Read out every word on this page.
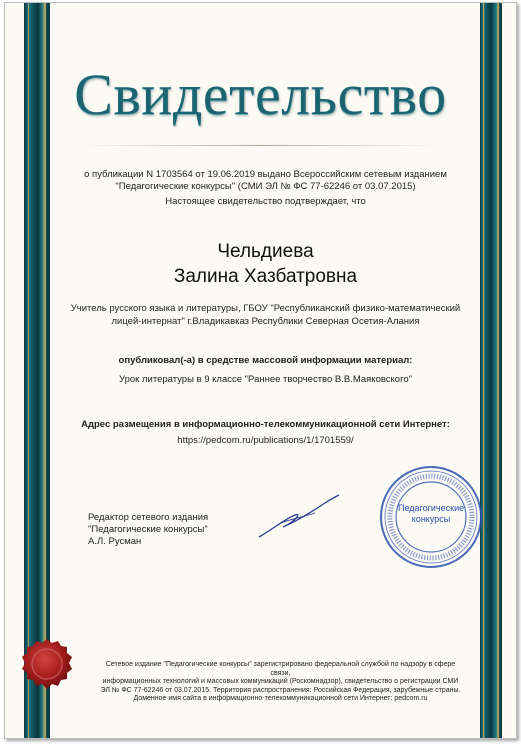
Свидетельство
о публикации N 1703564 от 19.06.2019 выдано Всероссийским сетевым изданием
"Педагогические конкурсы" (СМИ ЭЛ № ФС 77-62246 от 03.07.2015)
Настоящее свидетельство подтверждает, что
Чельдиева
Залина Хазбатровна
Учитель русского языка и литературы, ГБОУ "Республиканский физико-математический
лицей-интернат" г.Владикавказ Республики Северная Осетия-Алания
опубликовал(-а) в средстве массовой информации материал:
Урок литературы в 9 классе "Раннее творчество В.В.Маяковского"
Адрес размещения в информационно-телекоммуникационной сети Интернет:
https://pedcom.ru/publications/1/1701559/
Редактор сетевого издания
"Педагогические конкурсы"
А.Л. Русман
Педагогические
конкурсы
Сетевое издание "Педагогические конкурсы" зарегистрировано федеральной службой по надзору в сфере связи,
информационных технологий и массовых коммуникаций (Роскомнадзор), свидетельство о регистрации СМИ
ЭЛ № ФС 77-62246 от 03.07.2015. Территория распространения: Российская Федерация, зарубежные страны.
Доменное имя сайта в информационно-телекоммуникационной сети Интернет: pedcom.ru
